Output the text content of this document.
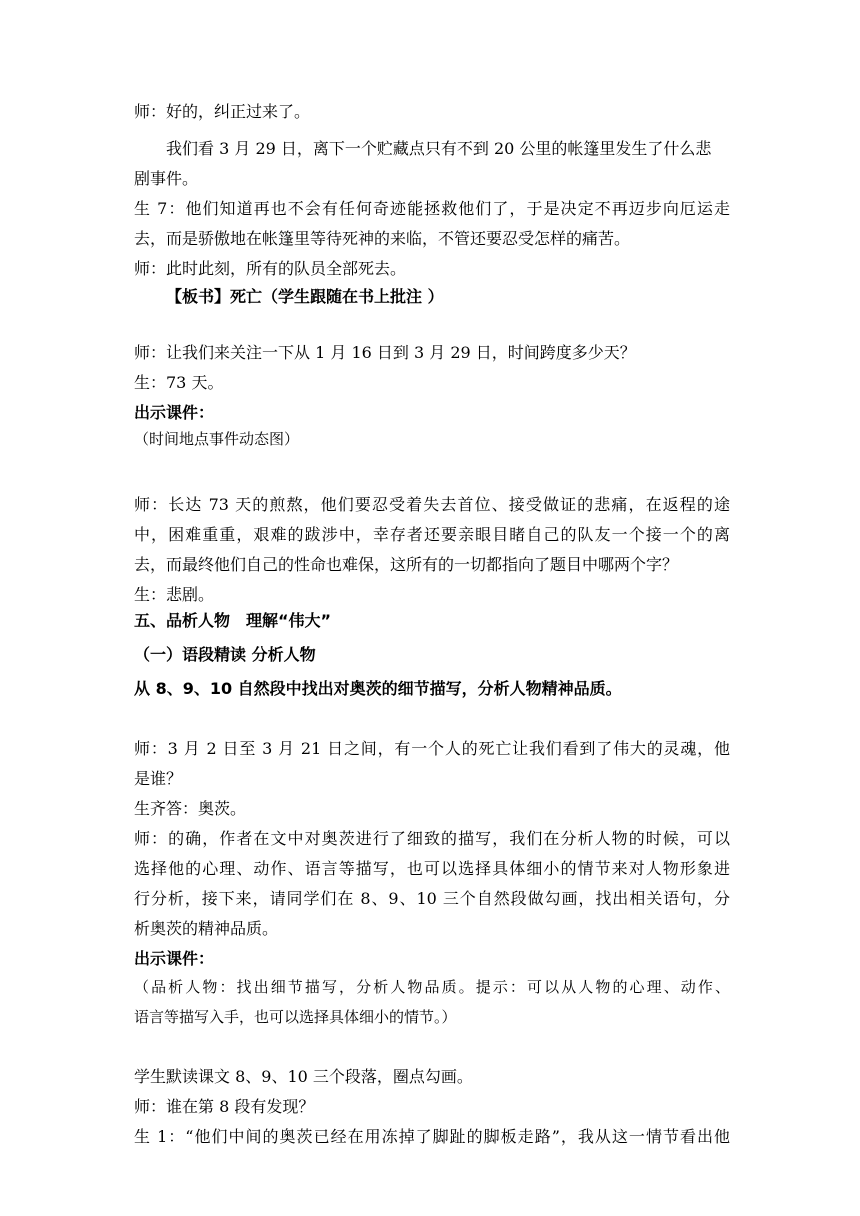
师：好的，纠正过来了。
我们看 3 月 29 日，离下一个贮藏点只有不到 20 公里的帐篷里发生了什么悲
剧事件。
生 7：他们知道再也不会有任何奇迹能拯救他们了，于是决定不再迈步向厄运走
去，而是骄傲地在帐篷里等待死神的来临，不管还要忍受怎样的痛苦。
师：此时此刻，所有的队员全部死去。
【板书】死亡（学生跟随在书上批注 ）
师：让我们来关注一下从 1 月 16 日到 3 月 29 日，时间跨度多少天？
生：73 天。
出示课件：
（时间地点事件动态图）
师：长达 73 天的煎熬，他们要忍受着失去首位、接受做证的悲痛，在返程的途
中，困难重重，艰难的跋涉中，幸存者还要亲眼目睹自己的队友一个接一个的离
去，而最终他们自己的性命也难保，这所有的一切都指向了题目中哪两个字？
生：悲剧。
五、品析人物　理解“伟大”
（一）语段精读 分析人物
从 8、9、10 自然段中找出对奥茨的细节描写，分析人物精神品质。
师：3 月 2 日至 3 月 21 日之间，有一个人的死亡让我们看到了伟大的灵魂，他
是谁？
生齐答：奥茨。
师：的确，作者在文中对奥茨进行了细致的描写，我们在分析人物的时候，可以
选择他的心理、动作、语言等描写，也可以选择具体细小的情节来对人物形象进
行分析，接下来，请同学们在 8、9、10 三个自然段做勾画，找出相关语句，分
析奥茨的精神品质。
出示课件：
（品析人物：找出细节描写，分析人物品质。提示：可以从人物的心理、动作、
语言等描写入手，也可以选择具体细小的情节。）
学生默读课文 8、9、10 三个段落，圈点勾画。
师：谁在第 8 段有发现？
生 1：“他们中间的奥茨已经在用冻掉了脚趾的脚板走路”，我从这一情节看出他
